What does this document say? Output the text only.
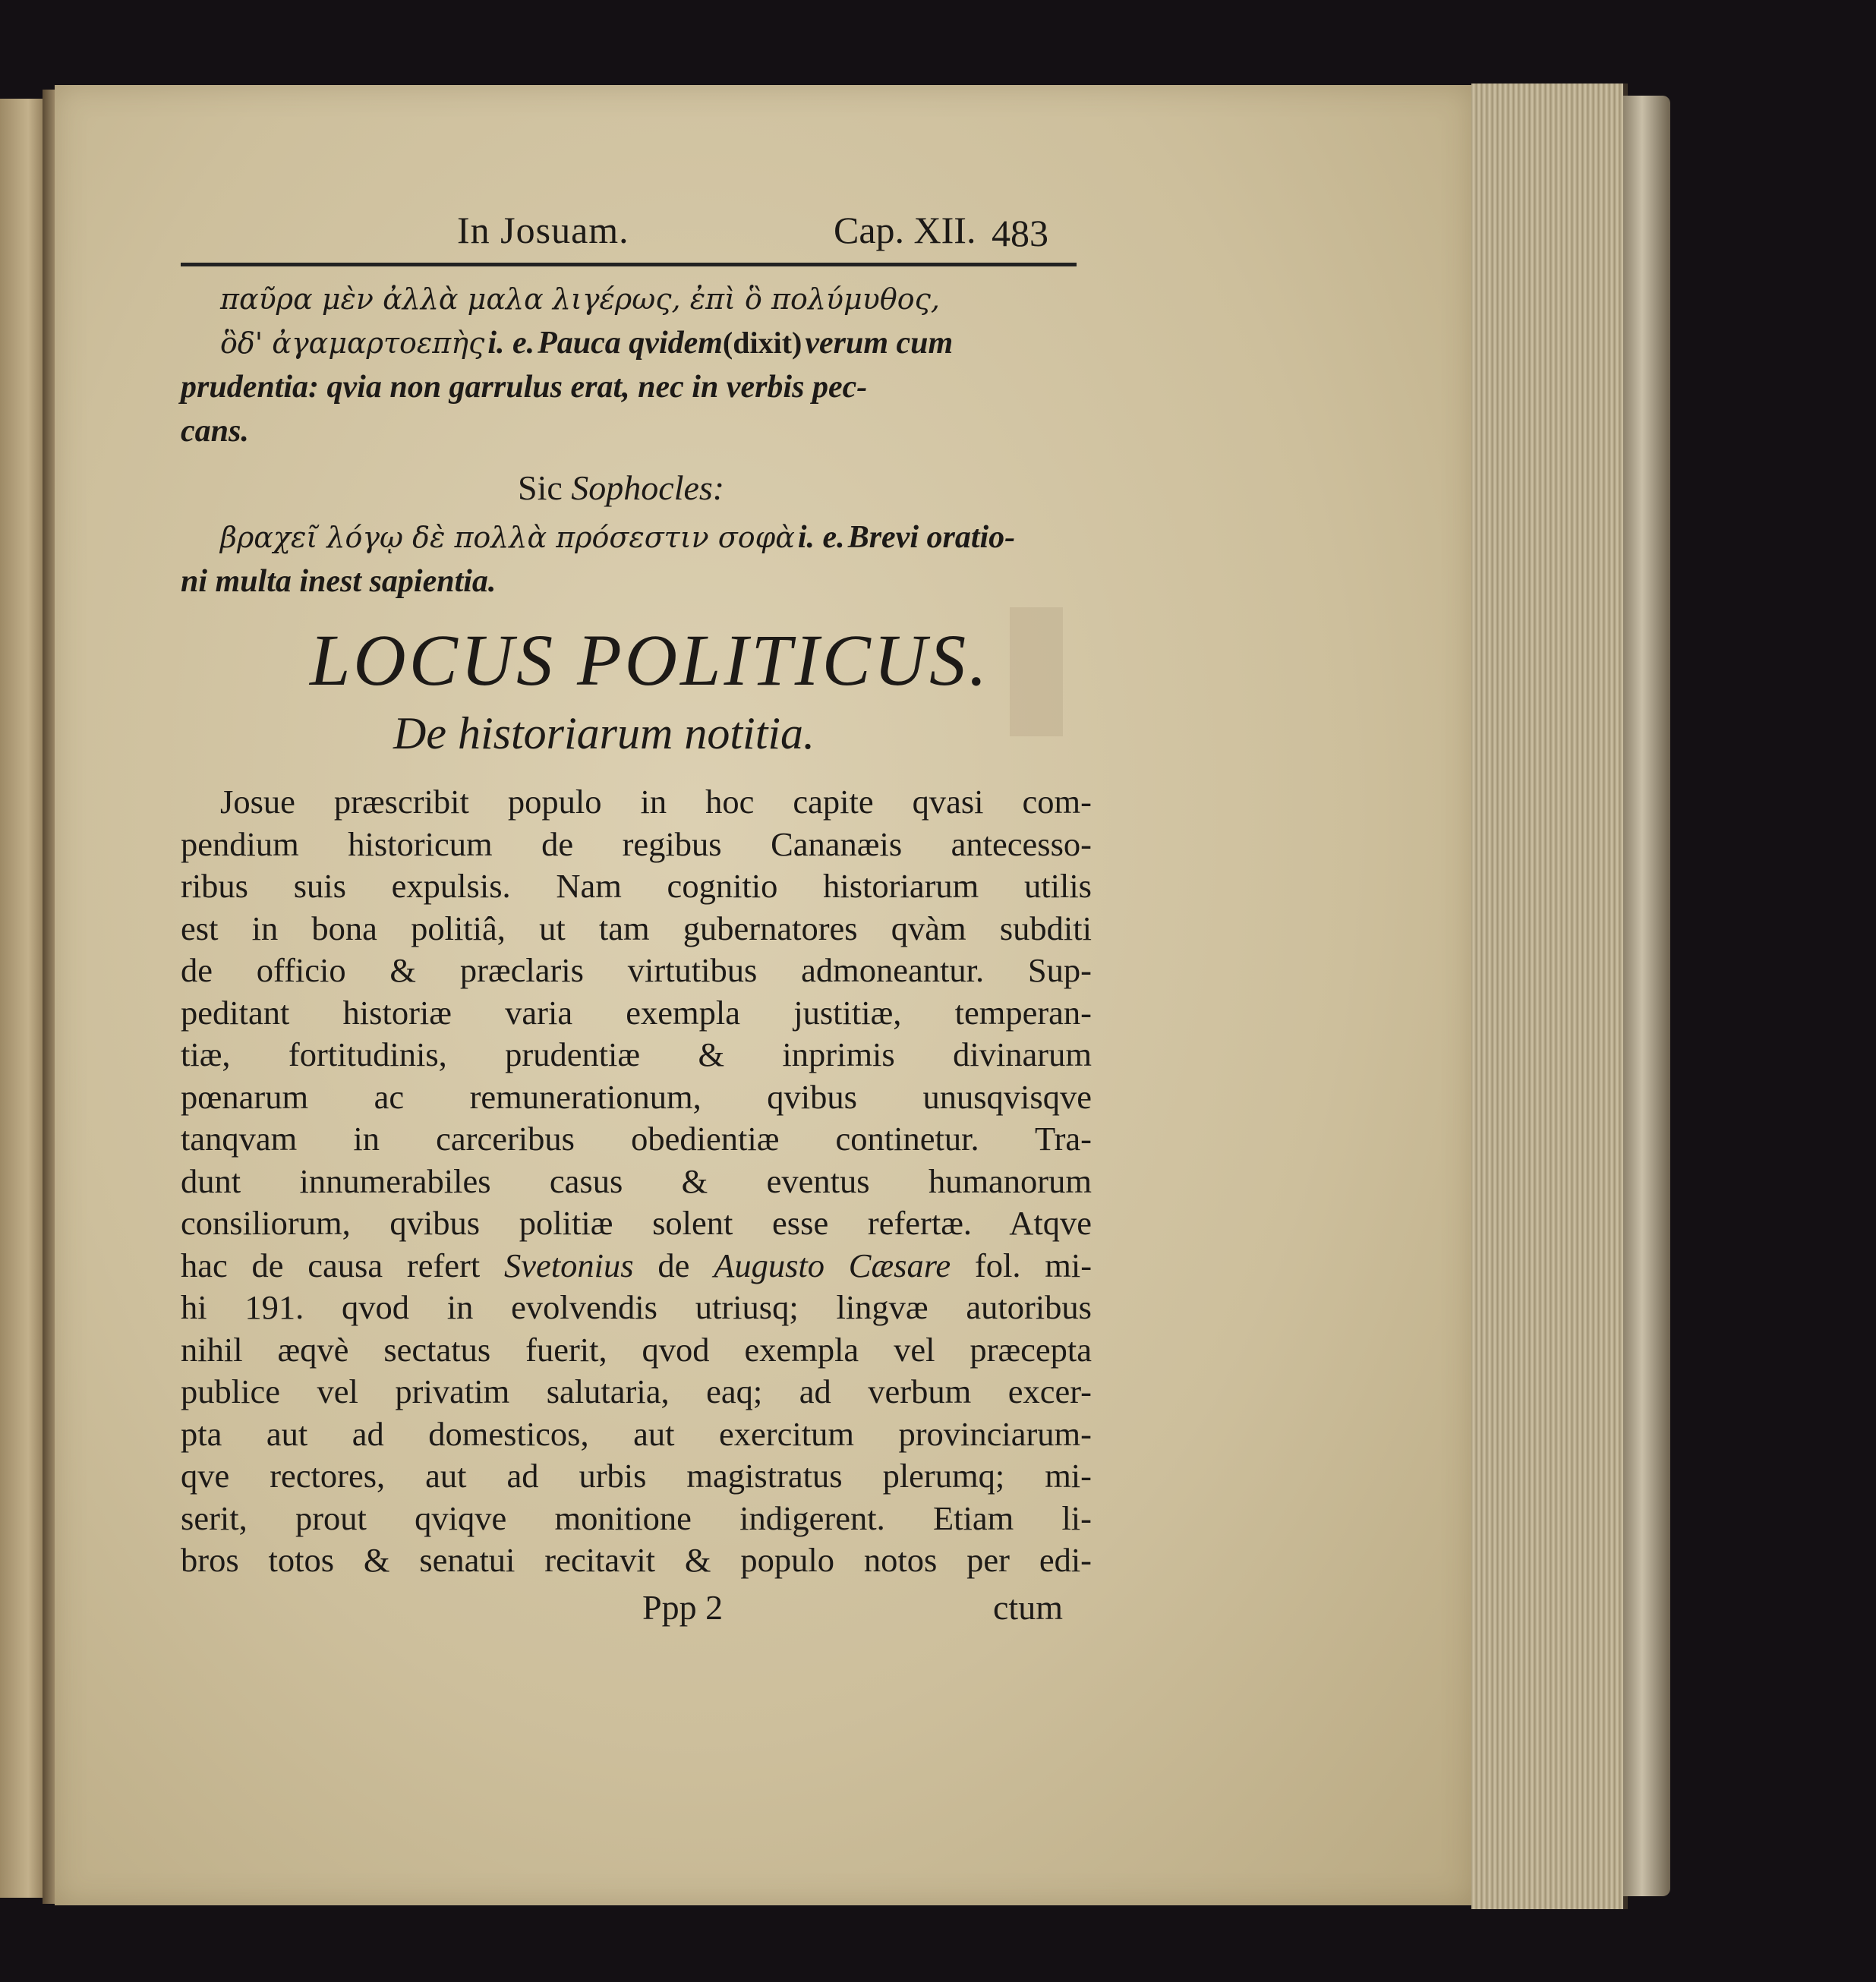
In Josuam.	Cap. XII. 483
παῦρα μὲν ἀλλὰ μαλα λιγέρως, ἐπὶ ὃ πολύμυθος,
ὃδ' ἀγαμαρτοεπὴς i. e. Pauca qvidem(dixit) verum cum
prudentia: qvia non garrulus erat, nec in verbis pec-
cans.
Sic Sophocles:
βραχεῖ λόγῳ δὲ πολλὰ πρόσεστιν σοφὰ i. e. Brevi oratio-
ni multa inest sapientia.
LOCUS POLITICUS.
De historiarum notitia.
Josue præscribit populo in hoc capite qvasi com-
pendium historicum de regibus Cananæis antecesso-
ribus suis expulsis. Nam cognitio historiarum utilis
est in bona politiâ, ut tam gubernatores qvàm subditi
de officio & præclaris virtutibus admoneantur. Sup-
peditant historiæ varia exempla justitiæ, temperan-
tiæ, fortitudinis, prudentiæ & inprimis divinarum
pœnarum ac remunerationum, qvibus unusqvisqve
tanqvam in carceribus obedientiæ continetur. Tra-
dunt innumerabiles casus & eventus humanorum
consiliorum, qvibus politiæ solent esse refertæ. Atqve
hac de causa refert Svetonius de Augusto Cæsare fol. mi-
hi 191. qvod in evolvendis utriusq; lingvæ autoribus
nihil æqvè sectatus fuerit, qvod exempla vel præcepta
publice vel privatim salutaria, eaq; ad verbum excer-
pta aut ad domesticos, aut exercitum provinciarum-
qve rectores, aut ad urbis magistratus plerumq; mi-
serit, prout qviqve monitione indigerent. Etiam li-
bros totos & senatui recitavit & populo notos per edi-
Ppp 2	ctum
